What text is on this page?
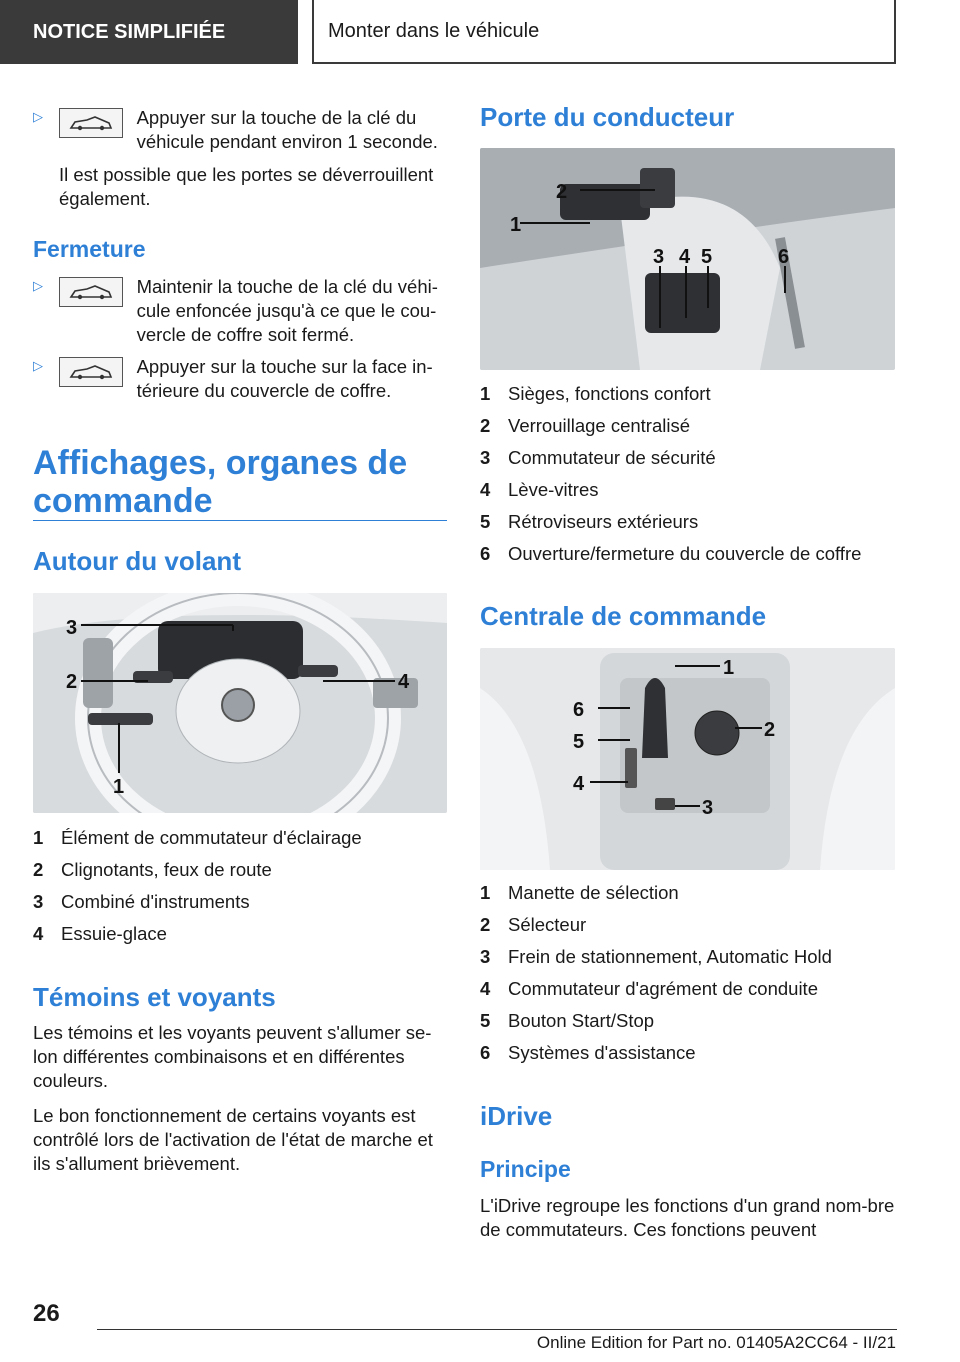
NOTICE SIMPLIFIÉE	Monter dans le véhicule
▷	Appuyer sur la touche de la clé du véhicule pendant environ 1 seconde.
Il est possible que les portes se déverrouillent également.
Fermeture
▷	Maintenir la touche de la clé du véhi-cule enfoncée jusqu'à ce que le cou-vercle de coffre soit fermé.
▷	Appuyer sur la touche sur la face in-térieure du couvercle de coffre.
Affichages, organes de commande
Autour du volant
3
2	4
1
1 Élément de commutateur d'éclairage
2 Clignotants, feux de route
3 Combiné d'instruments
4 Essuie-glace
Témoins et voyants
Les témoins et les voyants peuvent s'allumer se-lon différentes combinaisons et en différentes couleurs.
Le bon fonctionnement de certains voyants est contrôlé lors de l'activation de l'état de marche et ils s'allument brièvement.
Porte du conducteur
1
2
3 4 5	6
1 Sièges, fonctions confort
2 Verrouillage centralisé
3 Commutateur de sécurité
4 Lève-vitres
5 Rétroviseurs extérieurs
6 Ouverture/fermeture du couvercle de coffre
Centrale de commande
1
2
3
4
5
6
1 Manette de sélection
2 Sélecteur
3 Frein de stationnement, Automatic Hold
4 Commutateur d'agrément de conduite
5 Bouton Start/Stop
6 Systèmes d'assistance
iDrive
Principe
L'iDrive regroupe les fonctions d'un grand nom-bre de commutateurs. Ces fonctions peuvent
26
Online Edition for Part no. 01405A2CC64 - II/21
